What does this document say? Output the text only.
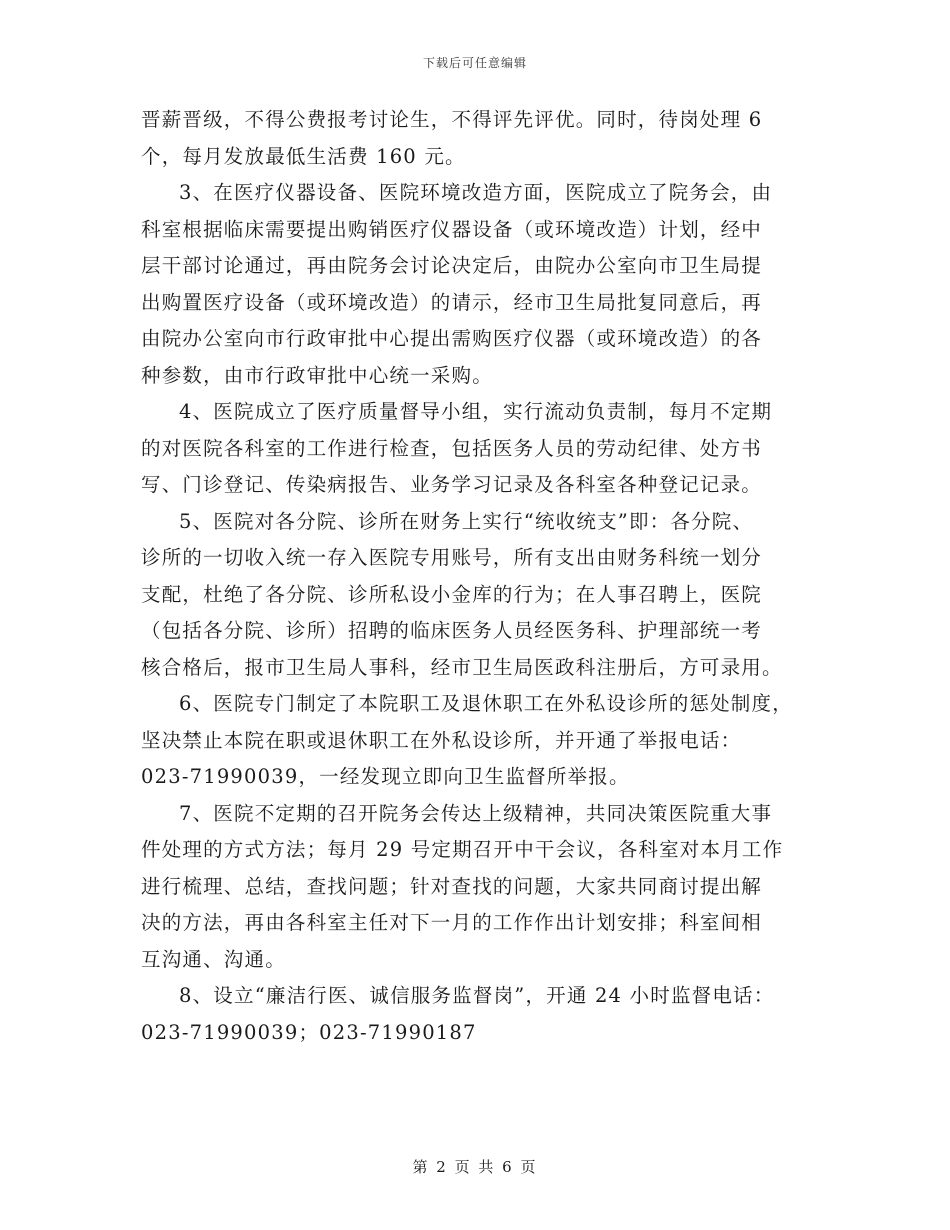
下载后可任意编辑
晋薪晋级，不得公费报考讨论生，不得评先评优。同时，待岗处理 6
个，每月发放最低生活费 160 元。
3、在医疗仪器设备、医院环境改造方面，医院成立了院务会，由
科室根据临床需要提出购销医疗仪器设备（或环境改造）计划，经中
层干部讨论通过，再由院务会讨论决定后，由院办公室向市卫生局提
出购置医疗设备（或环境改造）的请示，经市卫生局批复同意后，再
由院办公室向市行政审批中心提出需购医疗仪器（或环境改造）的各
种参数，由市行政审批中心统一采购。
4、医院成立了医疗质量督导小组，实行流动负责制，每月不定期
的对医院各科室的工作进行检查，包括医务人员的劳动纪律、处方书
写、门诊登记、传染病报告、业务学习记录及各科室各种登记记录。
5、医院对各分院、诊所在财务上实行“统收统支”即：各分院、
诊所的一切收入统一存入医院专用账号，所有支出由财务科统一划分
支配，杜绝了各分院、诊所私设小金库的行为；在人事召聘上，医院
（包括各分院、诊所）招聘的临床医务人员经医务科、护理部统一考
核合格后，报市卫生局人事科，经市卫生局医政科注册后，方可录用。
6、医院专门制定了本院职工及退休职工在外私设诊所的惩处制度，
坚决禁止本院在职或退休职工在外私设诊所，并开通了举报电话：
023-71990039，一经发现立即向卫生监督所举报。
7、医院不定期的召开院务会传达上级精神，共同决策医院重大事
件处理的方式方法；每月 29 号定期召开中干会议，各科室对本月工作
进行梳理、总结，查找问题；针对查找的问题，大家共同商讨提出解
决的方法，再由各科室主任对下一月的工作作出计划安排；科室间相
互沟通、沟通。
8、设立“廉洁行医、诚信服务监督岗”，开通 24 小时监督电话：
023-71990039；023-71990187
第 2 页 共 6 页
